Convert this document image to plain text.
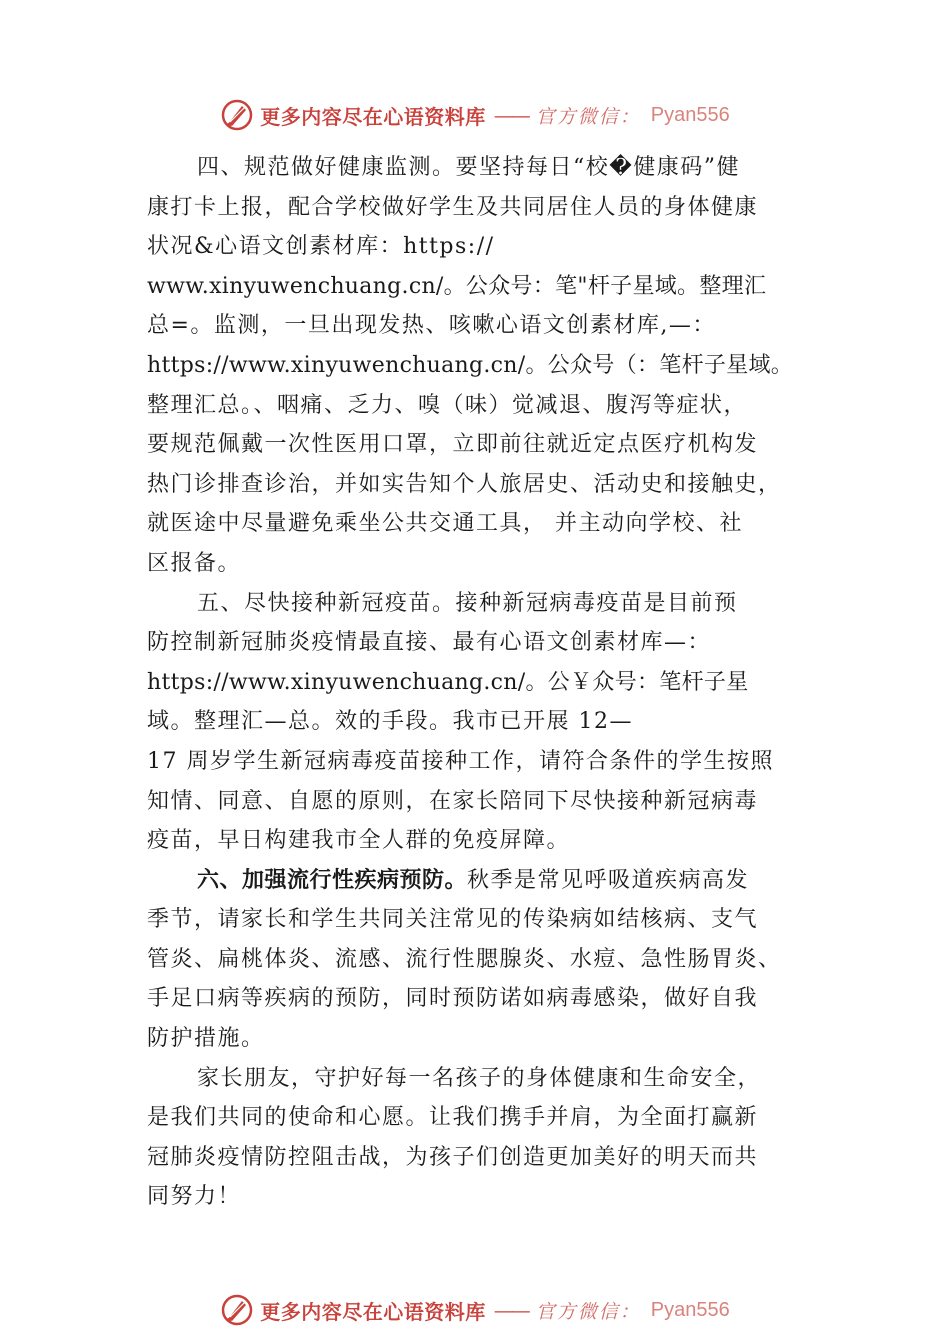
更多内容尽在心语资料库 —— 官方微信： Pyan556
四、规范做好健康监测。要坚持每日“校�健康码”健
康打卡上报，配合学校做好学生及共同居住人员的身体健康
状况&心语文创素材库：https://
www.xinyuwenchuang.cn/。公众号：笔"杆子星域。整理汇
总=。监测，一旦出现发热、咳嗽心语文创素材库,—：
https://www.xinyuwenchuang.cn/。公众号（：笔杆子星域。
整理汇总。、咽痛、乏力、嗅（味）觉减退、腹泻等症状，
要规范佩戴一次性医用口罩，立即前往就近定点医疗机构发
热门诊排查诊治，并如实告知个人旅居史、活动史和接触史，
就医途中尽量避免乘坐公共交通工具， 并主动向学校、社
区报备。
五、尽快接种新冠疫苗。接种新冠病毒疫苗是目前预
防控制新冠肺炎疫情最直接、最有心语文创素材库—：
https://www.xinyuwenchuang.cn/。公￥众号：笔杆子星
域。整理汇—总。效的手段。我市已开展 12—
17 周岁学生新冠病毒疫苗接种工作，请符合条件的学生按照
知情、同意、自愿的原则，在家长陪同下尽快接种新冠病毒
疫苗，早日构建我市全人群的免疫屏障。
六、加强流行性疾病预防。秋季是常见呼吸道疾病高发
季节，请家长和学生共同关注常见的传染病如结核病、支气
管炎、扁桃体炎、流感、流行性腮腺炎、水痘、急性肠胃炎、
手足口病等疾病的预防，同时预防诺如病毒感染，做好自我
防护措施。
家长朋友，守护好每一名孩子的身体健康和生命安全，
是我们共同的使命和心愿。让我们携手并肩，为全面打赢新
冠肺炎疫情防控阻击战，为孩子们创造更加美好的明天而共
同努力！
更多内容尽在心语资料库 —— 官方微信： Pyan556
